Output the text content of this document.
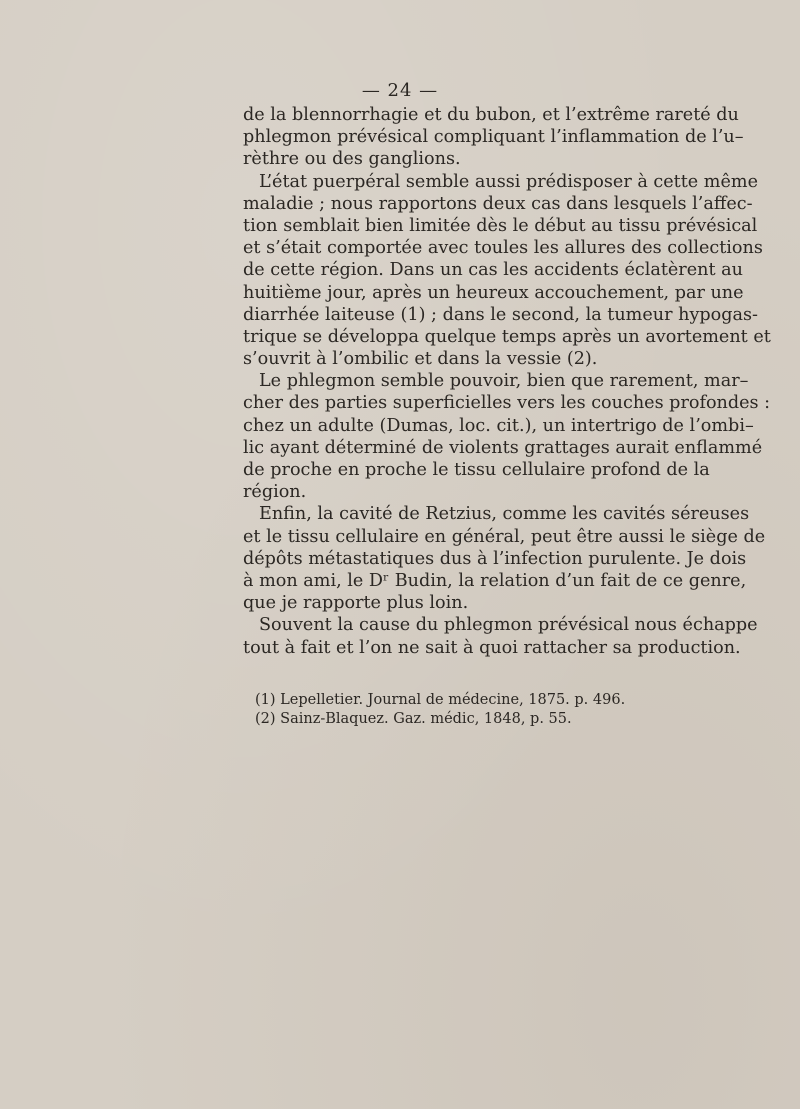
— 24 —
de la blennorrhagie et du bubon, et l’extrême rareté du
phlegmon prévésical compliquant l’inflammation de l’u–
rèthre ou des ganglions.
L’état puerpéral semble aussi prédisposer à cette même
maladie ; nous rapportons deux cas dans lesquels l’affec-
tion semblait bien limitée dès le début au tissu prévésical
et s’était comportée avec toules les allures des collections
de cette région. Dans un cas les accidents éclatèrent au
huitième jour, après un heureux accouchement, par une
diarrhée laiteuse (1) ; dans le second, la tumeur hypogas-
trique se développa quelque temps après un avortement et
s’ouvrit à l’ombilic et dans la vessie (2).
Le phlegmon semble pouvoir, bien que rarement, mar–
cher des parties superficielles vers les couches profondes :
chez un adulte (Dumas, loc. cit.), un intertrigo de l’ombi–
lic ayant déterminé de violents grattages aurait enflammé
de proche en proche le tissu cellulaire profond de la
région.
Enfin, la cavité de Retzius, comme les cavités séreuses
et le tissu cellulaire en général, peut être aussi le siège de
dépôts métastatiques dus à l’infection purulente. Je dois
à mon ami, le Dʳ Budin, la relation d’un fait de ce genre,
que je rapporte plus loin.
Souvent la cause du phlegmon prévésical nous échappe
tout à fait et l’on ne sait à quoi rattacher sa production.
(1) Lepelletier. Journal de médecine, 1875. p. 496.
(2) Sainz-Blaquez. Gaz. médic, 1848, p. 55.
